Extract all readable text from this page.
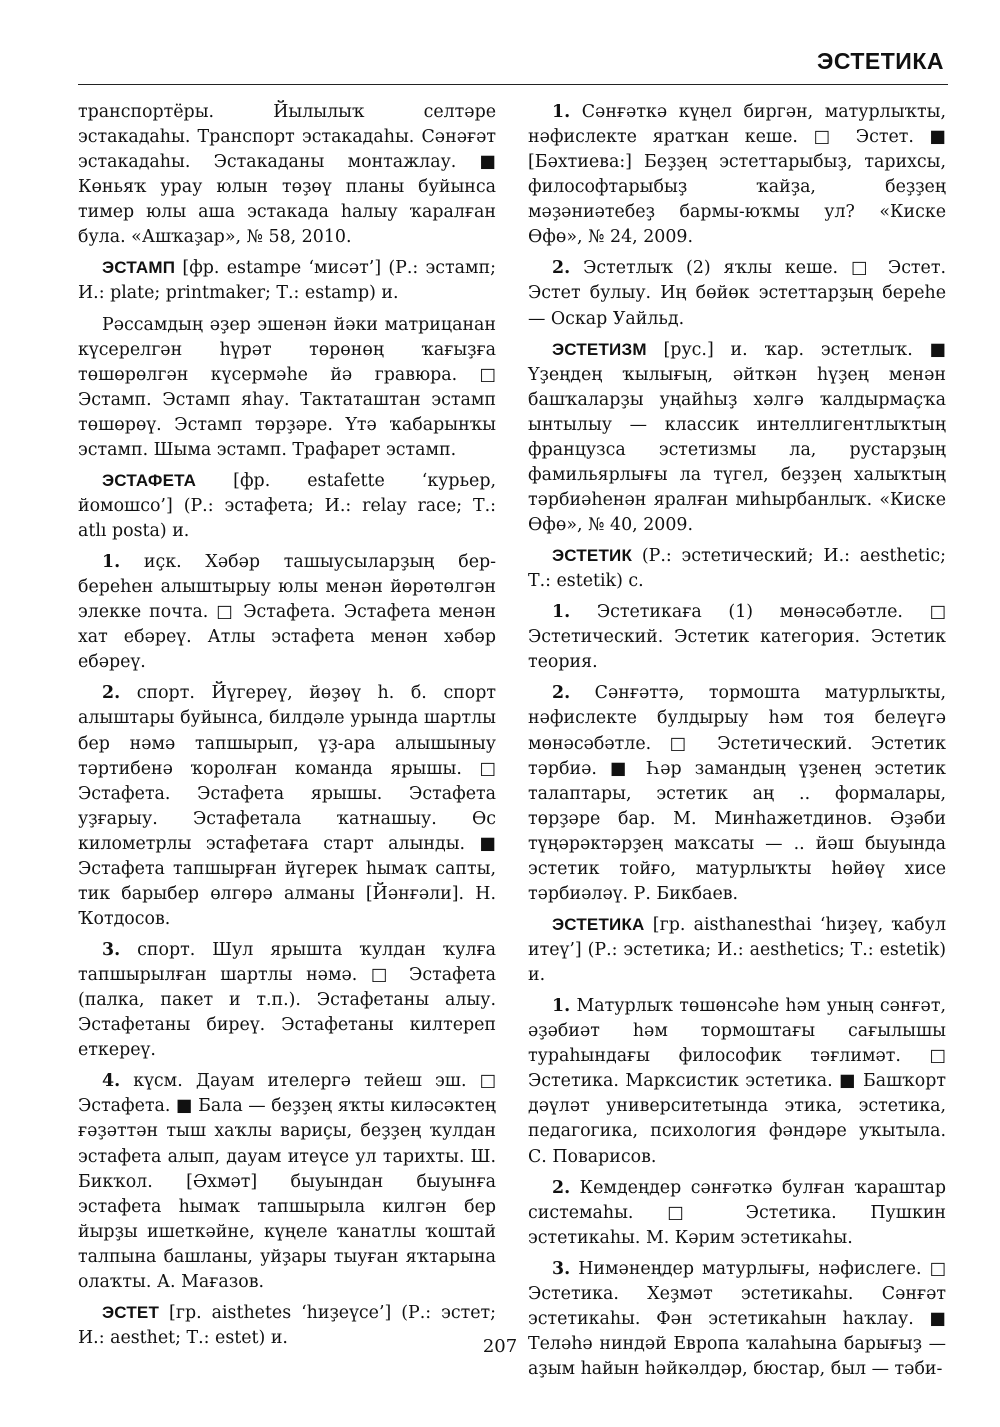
ЭСТЕТИКА

транспортёры. Йылылыҡ селтәре эстакадаһы. Транспорт эстакадаһы. Сәнәғәт эстакадаһы. Эстакаданы монтажлау. ■ Көньяҡ урау юлын төҙөү планы буйынса тимер юлы аша эстакада һалыу ҡаралған була. «Ашҡаҙар», № 58, 2010.

ЭСТАМП [фр. estampe ‘мисәт’] (Р.: эстамп; И.: plate; printmaker; Т.: estamp) и.

Рәссамдың әҙер эшенән йәки матрицанан күсерелгән һүрәт төрөнөң ҡағыҙға төшөрөлгән күсермәһе йә гравюра. □ Эстамп. Эстамп яһау. Тактаташтан эстамп төшөрөү. Эстамп төрҙәре. Үтә ҡабарынҡы эстамп. Шыма эстамп. Трафарет эстамп.

ЭСТАФЕТА [фр. estafette ‘курьер, йомошсо’] (Р.: эстафета; И.: relay race; Т.: atlı posta) и.

1. иҫк. Хәбәр ташыусыларҙың бер-береһен алыштырыу юлы менән йөрөтөлгән элекке почта. □ Эстафета. Эстафета менән хат ебәреү. Атлы эстафета менән хәбәр ебәреү.

2. спорт. Йүгереү, йөҙөү һ. б. спорт алыштары буйынса, билдәле урында шартлы бер нәмә тапшырып, үҙ-ара алышыныу тәртибенә ҡоролған команда ярышы. □ Эстафета. Эстафета ярышы. Эстафета уҙғарыу. Эстафетала ҡатнашыу. Өс километрлы эстафетаға старт алынды. ■ Эстафета тапшырған йүгерек һымаҡ сапты, тик барыбер өлгөрә алманы [Йәнғәли]. Н. Ҡотдосов.

3. спорт. Шул ярышта ҡулдан ҡулға тапшырылған шартлы нәмә. □ Эстафета (палка, пакет и т.п.). Эстафетаны алыу. Эстафетаны биреү. Эстафетаны килтереп еткереү.

4. күсм. Дауам ителергә тейеш эш. □ Эстафета. ■ Бала — беҙҙең яҡты киләсәктең ғәҙәттән тыш хаҡлы вариҫы, беҙҙең ҡулдан эстафета алып, дауам итеүсе ул тарихты. Ш. Бикҡол. [Әхмәт] быуындан быуынға эстафета һымаҡ тапшырыла килгән бер йырҙы ишеткәйне, күңеле ҡанатлы ҡоштай талпына башланы, уйҙары тыуған яҡтарына олаҡты. А. Мағазов.

ЭСТЕТ [гр. aisthetes ‘һиҙеүсе’] (Р.: эстет; И.: aesthet; Т.: estet) и.

1. Сәнғәткә күңел биргән, матурлыҡты, нәфислекте яратҡан кеше. □ Эстет. ■ [Бәхтиева:] Беҙҙең эстеттарыбыҙ, тарихсы, философтарыбыҙ ҡайҙа, беҙҙең мәҙәниәтебеҙ бармы-юҡмы ул? «Киске Өфө», № 24, 2009.

2. Эстетлыҡ (2) яҡлы кеше. □ Эстет. Эстет булыу. Иң бөйөк эстеттарҙың береһе — Оскар Уайльд.

ЭСТЕТИЗМ [рус.] и. ҡар. эстетлыҡ. ■ Үҙеңдең ҡылығың, әйткән һүҙең менән башҡаларҙы уңайһыҙ хәлгә ҡалдырмаҫҡа ынтылыу — классик интеллигентлыҡтың французса эстетизмы ла, рустарҙың фамильярлығы ла түгел, беҙҙең халыҡтың тәрбиәһенән яралған миһырбанлыҡ. «Киске Өфө», № 40, 2009.

ЭСТЕТИК (Р.: эстетический; И.: aesthetic; Т.: estetik) с.

1. Эстетикаға (1) мөнәсәбәтле. □ Эстетический. Эстетик категория. Эстетик теория.

2. Сәнғәттә, тормошта матурлыҡты, нәфислекте булдырыу һәм тоя белеүгә мөнәсәбәтле. □ Эстетический. Эстетик тәрбиә. ■ Һәр замандың үҙенең эстетик талаптары, эстетик аң .. формалары, төрҙәре бар. М. Минһажетдинов. Әҙәби түңәрәктәрҙең маҡсаты — .. йәш быуында эстетик тойғо, матурлыҡты һөйөү хисе тәрбиәләү. Р. Бикбаев.

ЭСТЕТИКА [гр. aisthanesthai ‘һиҙеү, ҡабул итеү’] (Р.: эстетика; И.: aesthetics; Т.: estetik) и.

1. Матурлыҡ төшөнсәһе һәм уның сәнғәт, әҙәбиәт һәм тормоштағы сағылышы тураһындағы философик тәғлимәт. □ Эстетика. Марксистик эстетика. ■ Башҡорт дәүләт университетында этика, эстетика, педагогика, психология фәндәре уҡытыла. С. Поварисов.

2. Кемдеңдер сәнғәткә булған ҡараштар системаһы. □ Эстетика. Пушкин эстетикаһы. М. Кәрим эстетикаһы.

3. Нимәнеңдер матурлығы, нәфислеге. □ Эстетика. Хеҙмәт эстетикаһы. Сәнғәт эстетикаһы. Фән эстетикаһын һаҡлау. ■ Теләһә ниндәй Европа ҡалаһына барығыҙ — аҙым һайын һәйкәлдәр, бюстар, был — тәби-

207
